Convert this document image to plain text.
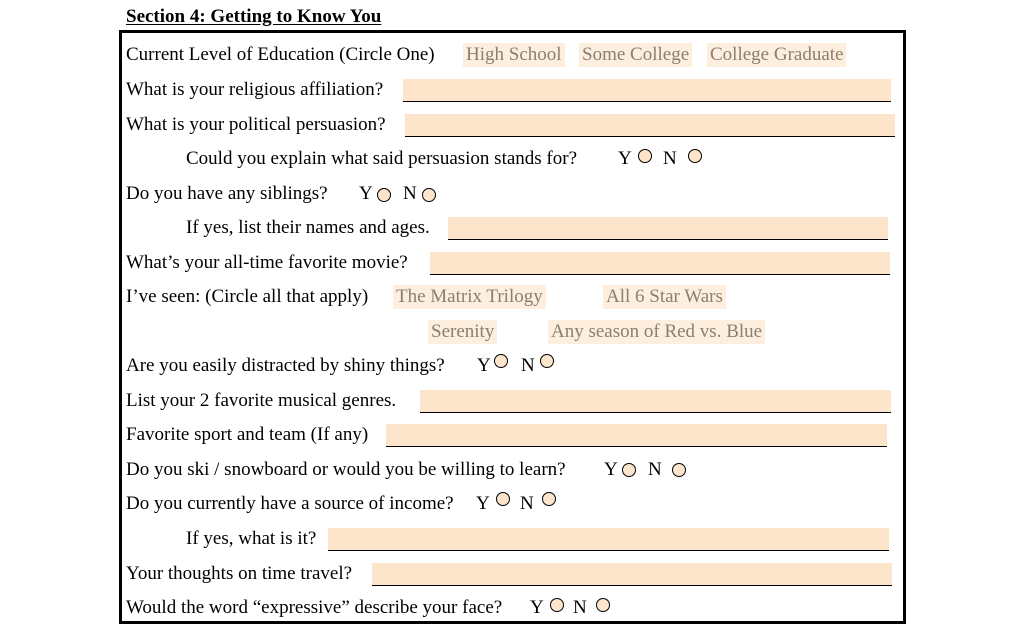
Section 4: Getting to Know You
Current Level of Education (Circle One) High School Some College College Graduate
What is your religious affiliation?
What is your political persuasion?
Could you explain what said persuasion stands for? Y N
Do you have any siblings? Y N
If yes, list their names and ages.
What’s your all-time favorite movie?
I’ve seen: (Circle all that apply) The Matrix Trilogy	All 6 Star Wars
Serenity	Any season of Red vs. Blue
Are you easily distracted by shiny things? Y N
List your 2 favorite musical genres.
Favorite sport and team (If any)
Do you ski / snowboard or would you be willing to learn? Y N
Do you currently have a source of income? Y N
If yes, what is it?
Your thoughts on time travel?
Would the word “expressive” describe your face? Y N
